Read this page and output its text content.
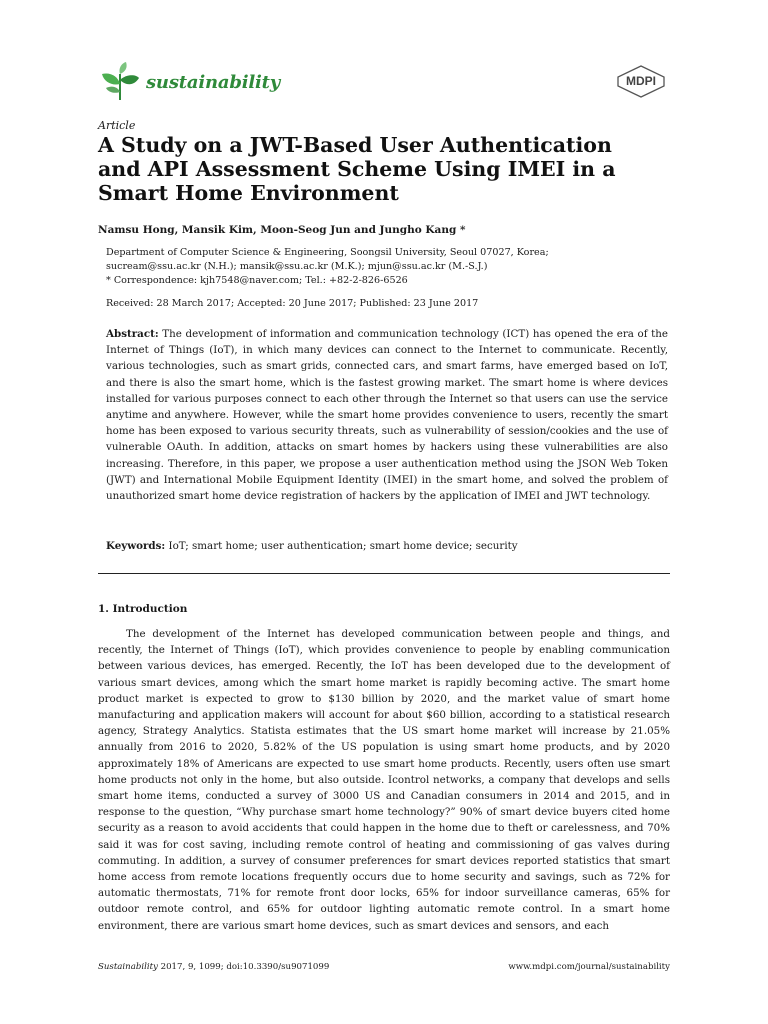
sustainability	MDPI
Article
A Study on a JWT-Based User Authentication and API Assessment Scheme Using IMEI in a Smart Home Environment
Namsu Hong, Mansik Kim, Moon-Seog Jun and Jungho Kang *
Department of Computer Science & Engineering, Soongsil University, Seoul 07027, Korea;
sucream@ssu.ac.kr (N.H.); mansik@ssu.ac.kr (M.K.); mjun@ssu.ac.kr (M.-S.J.)
* Correspondence: kjh7548@naver.com; Tel.: +82-2-826-6526
Received: 28 March 2017; Accepted: 20 June 2017; Published: 23 June 2017

Abstract: The development of information and communication technology (ICT) has opened the era of the Internet of Things (IoT), in which many devices can connect to the Internet to communicate. Recently, various technologies, such as smart grids, connected cars, and smart farms, have emerged based on IoT, and there is also the smart home, which is the fastest growing market. The smart home is where devices installed for various purposes connect to each other through the Internet so that users can use the service anytime and anywhere. However, while the smart home provides convenience to users, recently the smart home has been exposed to various security threats, such as vulnerability of session/cookies and the use of vulnerable OAuth. In addition, attacks on smart homes by hackers using these vulnerabilities are also increasing. Therefore, in this paper, we propose a user authentication method using the JSON Web Token (JWT) and International Mobile Equipment Identity (IMEI) in the smart home, and solved the problem of unauthorized smart home device registration of hackers by the application of IMEI and JWT technology.

Keywords: IoT; smart home; user authentication; smart home device; security
1. Introduction

The development of the Internet has developed communication between people and things, and recently, the Internet of Things (IoT), which provides convenience to people by enabling communication between various devices, has emerged. Recently, the IoT has been developed due to the development of various smart devices, among which the smart home market is rapidly becoming active. The smart home product market is expected to grow to $130 billion by 2020, and the market value of smart home manufacturing and application makers will account for about $60 billion, according to a statistical research agency, Strategy Analytics. Statista estimates that the US smart home market will increase by 21.05% annually from 2016 to 2020, 5.82% of the US population is using smart home products, and by 2020 approximately 18% of Americans are expected to use smart home products. Recently, users often use smart home products not only in the home, but also outside. Icontrol networks, a company that develops and sells smart home items, conducted a survey of 3000 US and Canadian consumers in 2014 and 2015, and in response to the question, “Why purchase smart home technology?” 90% of smart device buyers cited home security as a reason to avoid accidents that could happen in the home due to theft or carelessness, and 70% said it was for cost saving, including remote control of heating and commissioning of gas valves during commuting. In addition, a survey of consumer preferences for smart devices reported statistics that smart home access from remote locations frequently occurs due to home security and savings, such as 72% for automatic thermostats, 71% for remote front door locks, 65% for indoor surveillance cameras, 65% for outdoor remote control, and 65% for outdoor lighting automatic remote control. In a smart home environment, there are various smart home devices, such as smart devices and sensors, and each

Sustainability 2017, 9, 1099; doi:10.3390/su9071099	www.mdpi.com/journal/sustainability
